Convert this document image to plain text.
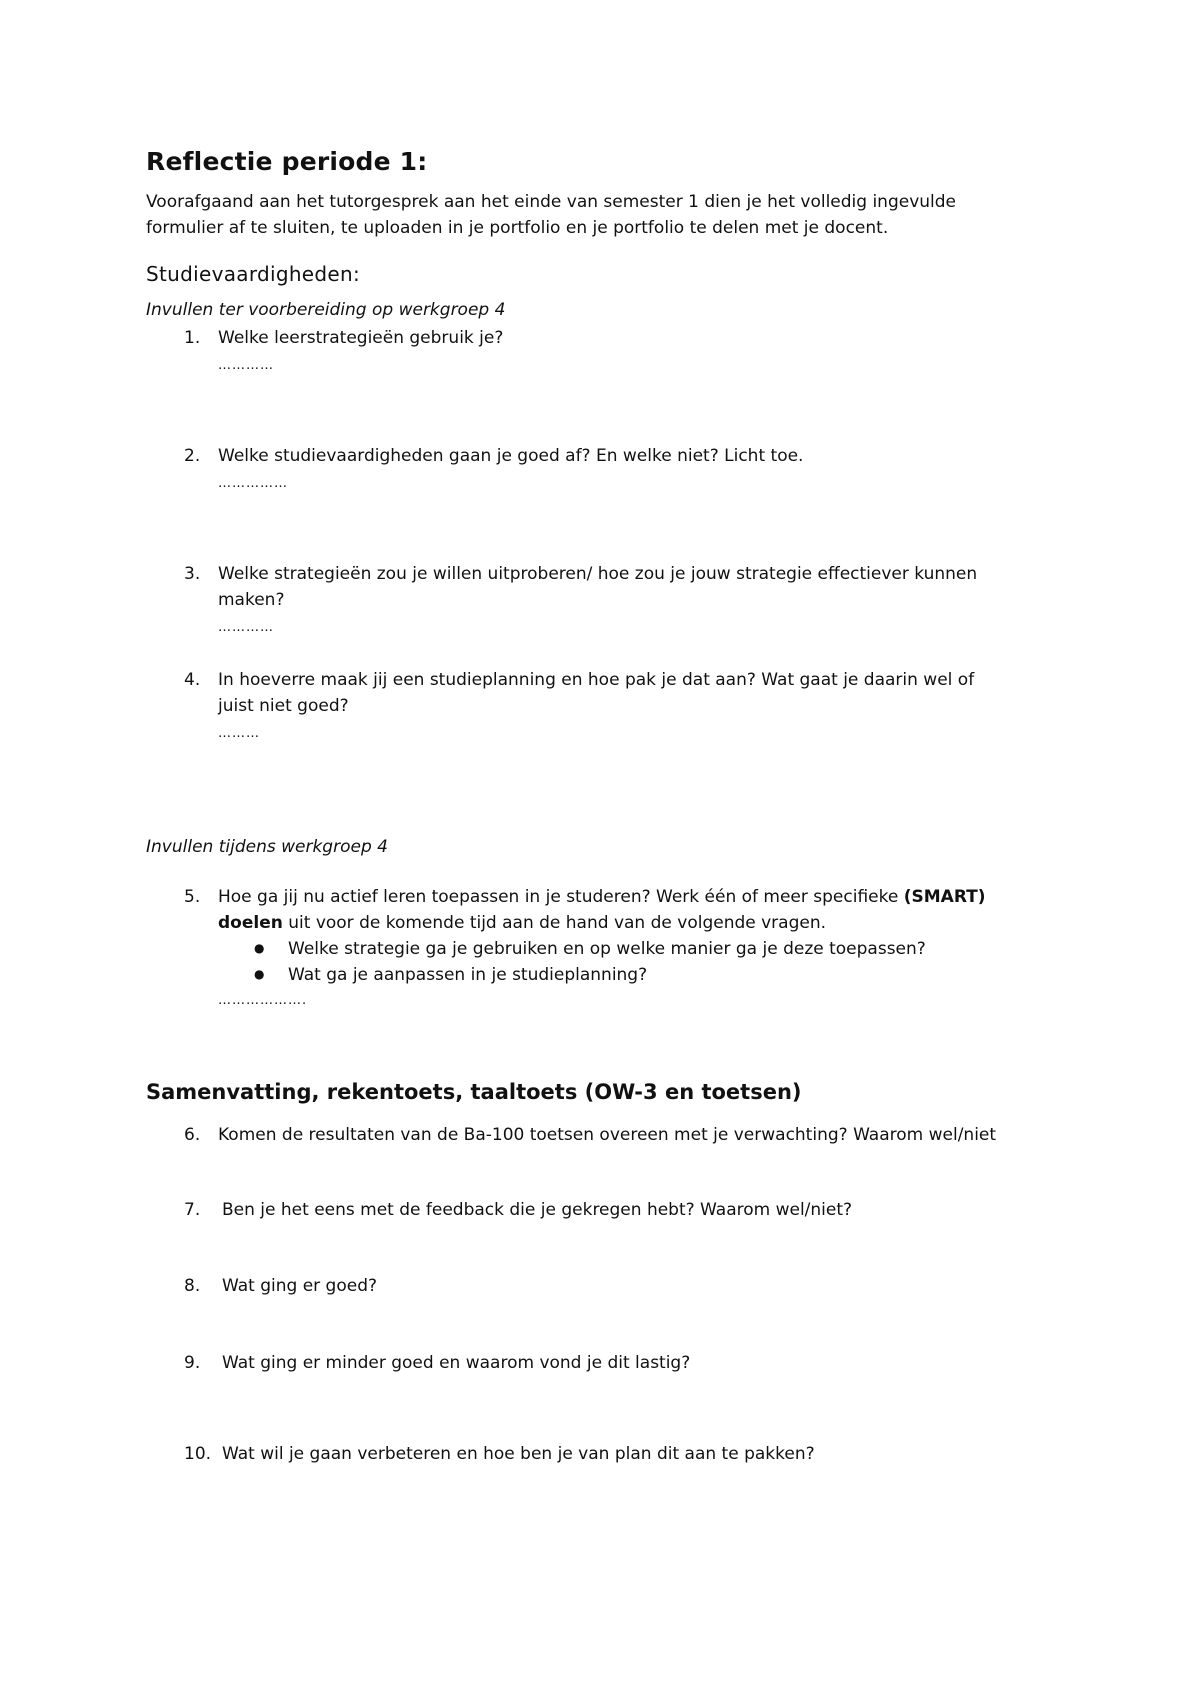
Reflectie periode 1:
Voorafgaand aan het tutorgesprek aan het einde van semester 1 dien je het volledig ingevulde
formulier af te sluiten, te uploaden in je portfolio en je portfolio te delen met je docent.
Studievaardigheden:
Invullen ter voorbereiding op werkgroep 4
1. Welke leerstrategieën gebruik je?
…………
2. Welke studievaardigheden gaan je goed af? En welke niet? Licht toe.
……………
3. Welke strategieën zou je willen uitproberen/ hoe zou je jouw strategie effectiever kunnen
maken?
…………
4. In hoeverre maak jij een studieplanning en hoe pak je dat aan? Wat gaat je daarin wel of
juist niet goed?
………
Invullen tijdens werkgroep 4
5. Hoe ga jij nu actief leren toepassen in je studeren? Werk één of meer specifieke (SMART)
doelen uit voor de komende tijd aan de hand van de volgende vragen.
● Welke strategie ga je gebruiken en op welke manier ga je deze toepassen?
● Wat ga je aanpassen in je studieplanning?
……………….
Samenvatting, rekentoets, taaltoets (OW-3 en toetsen)
6. Komen de resultaten van de Ba-100 toetsen overeen met je verwachting? Waarom wel/niet
7. Ben je het eens met de feedback die je gekregen hebt? Waarom wel/niet?
8. Wat ging er goed?
9. Wat ging er minder goed en waarom vond je dit lastig?
10. Wat wil je gaan verbeteren en hoe ben je van plan dit aan te pakken?
